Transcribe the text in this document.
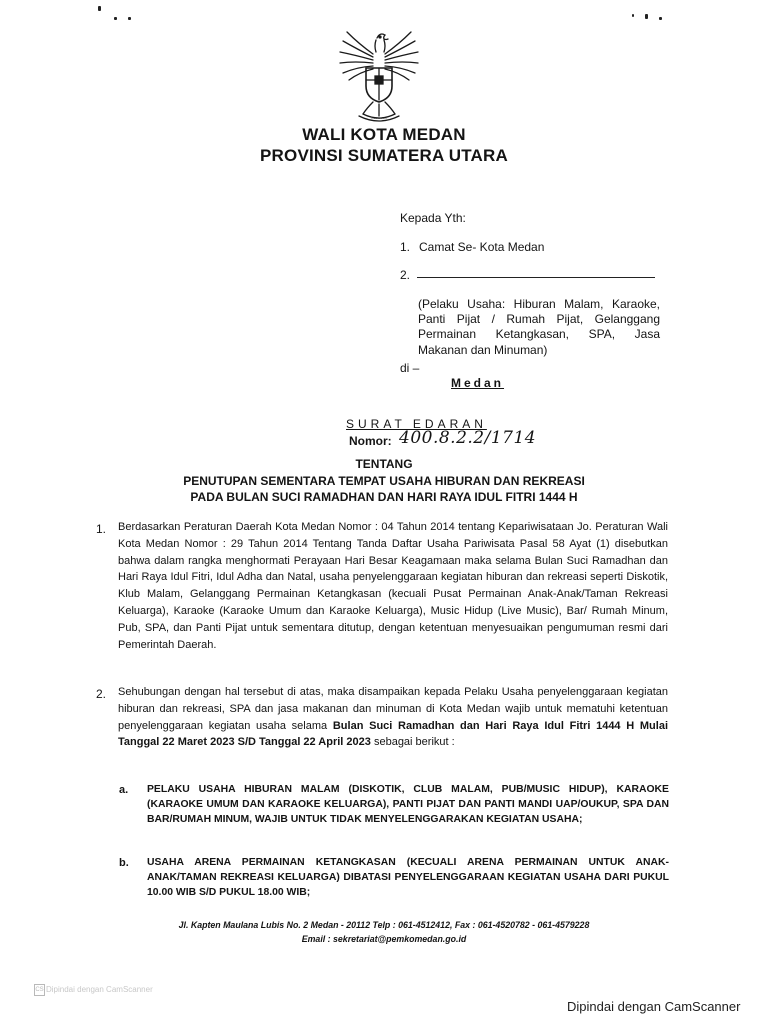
~~~~~~~
WALI KOTA MEDAN
PROVINSI SUMATERA UTARA
Kepada Yth:
1. Camat Se- Kota Medan
2.
(Pelaku Usaha: Hiburan Malam, Karaoke, Panti Pijat / Rumah Pijat, Gelanggang Permainan Ketangkasan, SPA, Jasa Makanan dan Minuman)
di –
Medan
SURAT EDARAN
Nomor: 400.8.2.2/1714
TENTANG
PENUTUPAN SEMENTARA TEMPAT USAHA HIBURAN DAN REKREASI
PADA BULAN SUCI RAMADHAN DAN HARI RAYA IDUL FITRI 1444 H
1. Berdasarkan Peraturan Daerah Kota Medan Nomor : 04 Tahun 2014 tentang Kepariwisataan Jo. Peraturan Wali Kota Medan Nomor : 29 Tahun 2014 Tentang Tanda Daftar Usaha Pariwisata Pasal 58 Ayat (1) disebutkan bahwa dalam rangka menghormati Perayaan Hari Besar Keagamaan maka selama Bulan Suci Ramadhan dan Hari Raya Idul Fitri, Idul Adha dan Natal, usaha penyelenggaraan kegiatan hiburan dan rekreasi seperti Diskotik, Klub Malam, Gelanggang Permainan Ketangkasan (kecuali Pusat Permainan Anak-Anak/Taman Rekreasi Keluarga), Karaoke (Karaoke Umum dan Karaoke Keluarga), Music Hidup (Live Music), Bar/ Rumah Minum, Pub, SPA, dan Panti Pijat untuk sementara ditutup, dengan ketentuan menyesuaikan pengumuman resmi dari Pemerintah Daerah.
2. Sehubungan dengan hal tersebut di atas, maka disampaikan kepada Pelaku Usaha penyelenggaraan kegiatan hiburan dan rekreasi, SPA dan jasa makanan dan minuman di Kota Medan wajib untuk mematuhi ketentuan penyelenggaraan kegiatan usaha selama Bulan Suci Ramadhan dan Hari Raya Idul Fitri 1444 H Mulai Tanggal 22 Maret 2023 S/D Tanggal 22 April 2023 sebagai berikut :
a. PELAKU USAHA HIBURAN MALAM (DISKOTIK, CLUB MALAM, PUB/MUSIC HIDUP), KARAOKE (KARAOKE UMUM DAN KARAOKE KELUARGA), PANTI PIJAT DAN PANTI MANDI UAP/OUKUP, SPA DAN BAR/RUMAH MINUM, WAJIB UNTUK TIDAK MENYELENGGARAKAN KEGIATAN USAHA;
b. USAHA ARENA PERMAINAN KETANGKASAN (KECUALI ARENA PERMAINAN UNTUK ANAK-ANAK/TAMAN REKREASI KELUARGA) DIBATASI PENYELENGGARAAN KEGIATAN USAHA DARI PUKUL 10.00 WIB S/D PUKUL 18.00 WIB;
Jl. Kapten Maulana Lubis No. 2 Medan - 20112 Telp : 061-4512412, Fax : 061-4520782 - 061-4579228
Email : sekretariat@pemkomedan.go.id
CS Dipindai dengan CamScanner
Dipindai dengan CamScanner
